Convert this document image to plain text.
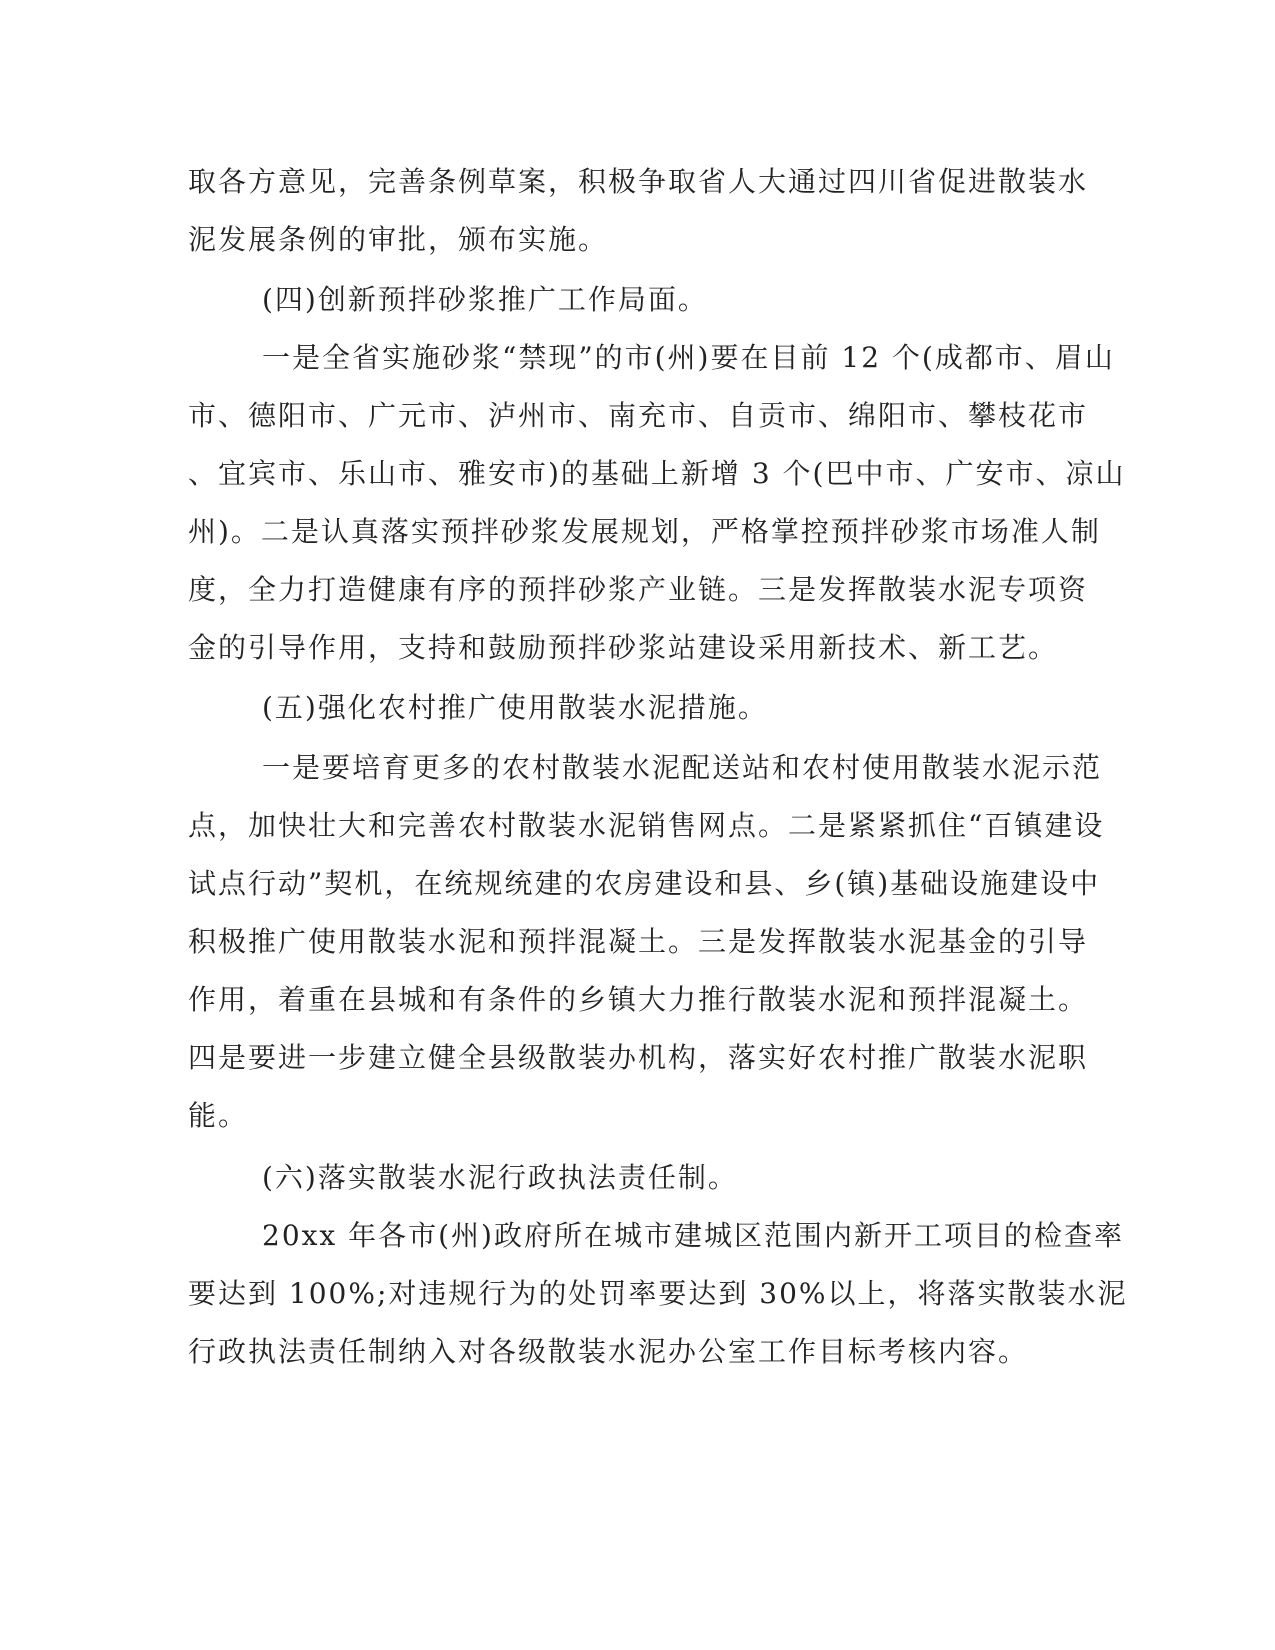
取各方意见，完善条例草案，积极争取省人大通过四川省促进散装水
泥发展条例的审批，颁布实施。
(四)创新预拌砂浆推广工作局面。
一是全省实施砂浆“禁现”的市(州)要在目前 12 个(成都市、眉山
市、德阳市、广元市、泸州市、南充市、自贡市、绵阳市、攀枝花市
、宜宾市、乐山市、雅安市)的基础上新增 3 个(巴中市、广安市、凉山
州)。二是认真落实预拌砂浆发展规划，严格掌控预拌砂浆市场准人制
度，全力打造健康有序的预拌砂浆产业链。三是发挥散装水泥专项资
金的引导作用，支持和鼓励预拌砂浆站建设采用新技术、新工艺。
(五)强化农村推广使用散装水泥措施。
一是要培育更多的农村散装水泥配送站和农村使用散装水泥示范
点，加快壮大和完善农村散装水泥销售网点。二是紧紧抓住“百镇建设
试点行动”契机，在统规统建的农房建设和县、乡(镇)基础设施建设中
积极推广使用散装水泥和预拌混凝土。三是发挥散装水泥基金的引导
作用，着重在县城和有条件的乡镇大力推行散装水泥和预拌混凝土。
四是要进一步建立健全县级散装办机构，落实好农村推广散装水泥职
能。
(六)落实散装水泥行政执法责任制。
20xx 年各市(州)政府所在城市建城区范围内新开工项目的检查率
要达到 100%;对违规行为的处罚率要达到 30%以上，将落实散装水泥
行政执法责任制纳入对各级散装水泥办公室工作目标考核内容。
